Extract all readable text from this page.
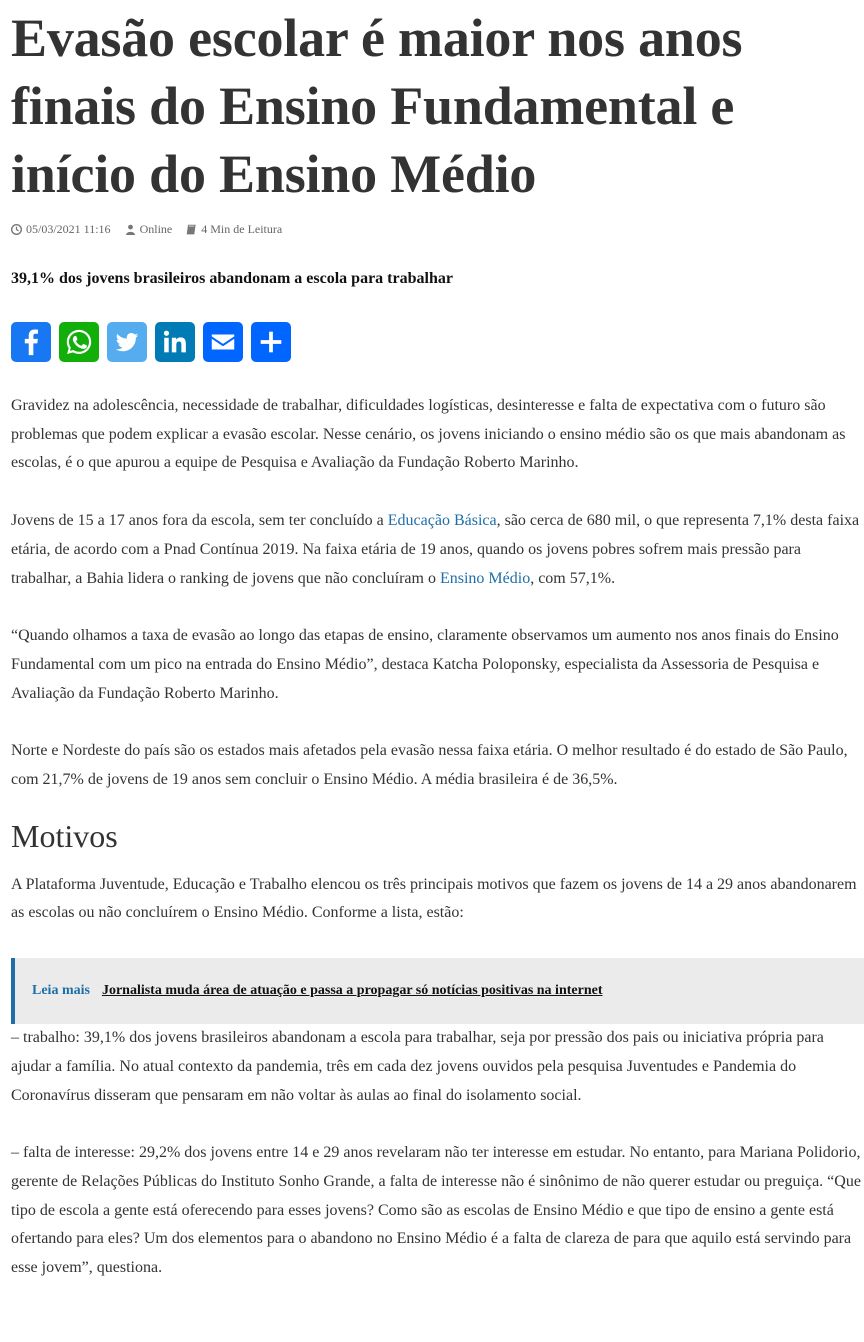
Evasão escolar é maior nos anos finais do Ensino Fundamental e início do Ensino Médio
05/03/2021 11:16 Online 4 Min de Leitura
39,1% dos jovens brasileiros abandonam a escola para trabalhar

Gravidez na adolescência, necessidade de trabalhar, dificuldades logísticas, desinteresse e falta de expectativa com o futuro são problemas que podem explicar a evasão escolar. Nesse cenário, os jovens iniciando o ensino médio são os que mais abandonam as escolas, é o que apurou a equipe de Pesquisa e Avaliação da Fundação Roberto Marinho.

Jovens de 15 a 17 anos fora da escola, sem ter concluído a Educação Básica, são cerca de 680 mil, o que representa 7,1% desta faixa etária, de acordo com a Pnad Contínua 2019. Na faixa etária de 19 anos, quando os jovens pobres sofrem mais pressão para trabalhar, a Bahia lidera o ranking de jovens que não concluíram o Ensino Médio, com 57,1%.

“Quando olhamos a taxa de evasão ao longo das etapas de ensino, claramente observamos um aumento nos anos finais do Ensino Fundamental com um pico na entrada do Ensino Médio”, destaca Katcha Poloponsky, especialista da Assessoria de Pesquisa e Avaliação da Fundação Roberto Marinho.

Norte e Nordeste do país são os estados mais afetados pela evasão nessa faixa etária. O melhor resultado é do estado de São Paulo, com 21,7% de jovens de 19 anos sem concluir o Ensino Médio. A média brasileira é de 36,5%.

Motivos

A Plataforma Juventude, Educação e Trabalho elencou os três principais motivos que fazem os jovens de 14 a 29 anos abandonarem as escolas ou não concluírem o Ensino Médio. Conforme a lista, estão:

Leia mais Jornalista muda área de atuação e passa a propagar só notícias positivas na internet

– trabalho: 39,1% dos jovens brasileiros abandonam a escola para trabalhar, seja por pressão dos pais ou iniciativa própria para ajudar a família. No atual contexto da pandemia, três em cada dez jovens ouvidos pela pesquisa Juventudes e Pandemia do Coronavírus disseram que pensaram em não voltar às aulas ao final do isolamento social.

– falta de interesse: 29,2% dos jovens entre 14 e 29 anos revelaram não ter interesse em estudar. No entanto, para Mariana Polidorio, gerente de Relações Públicas do Instituto Sonho Grande, a falta de interesse não é sinônimo de não querer estudar ou preguiça. “Que tipo de escola a gente está oferecendo para esses jovens? Como são as escolas de Ensino Médio e que tipo de ensino a gente está ofertando para eles? Um dos elementos para o abandono no Ensino Médio é a falta de clareza de para que aquilo está servindo para esse jovem”, questiona.
